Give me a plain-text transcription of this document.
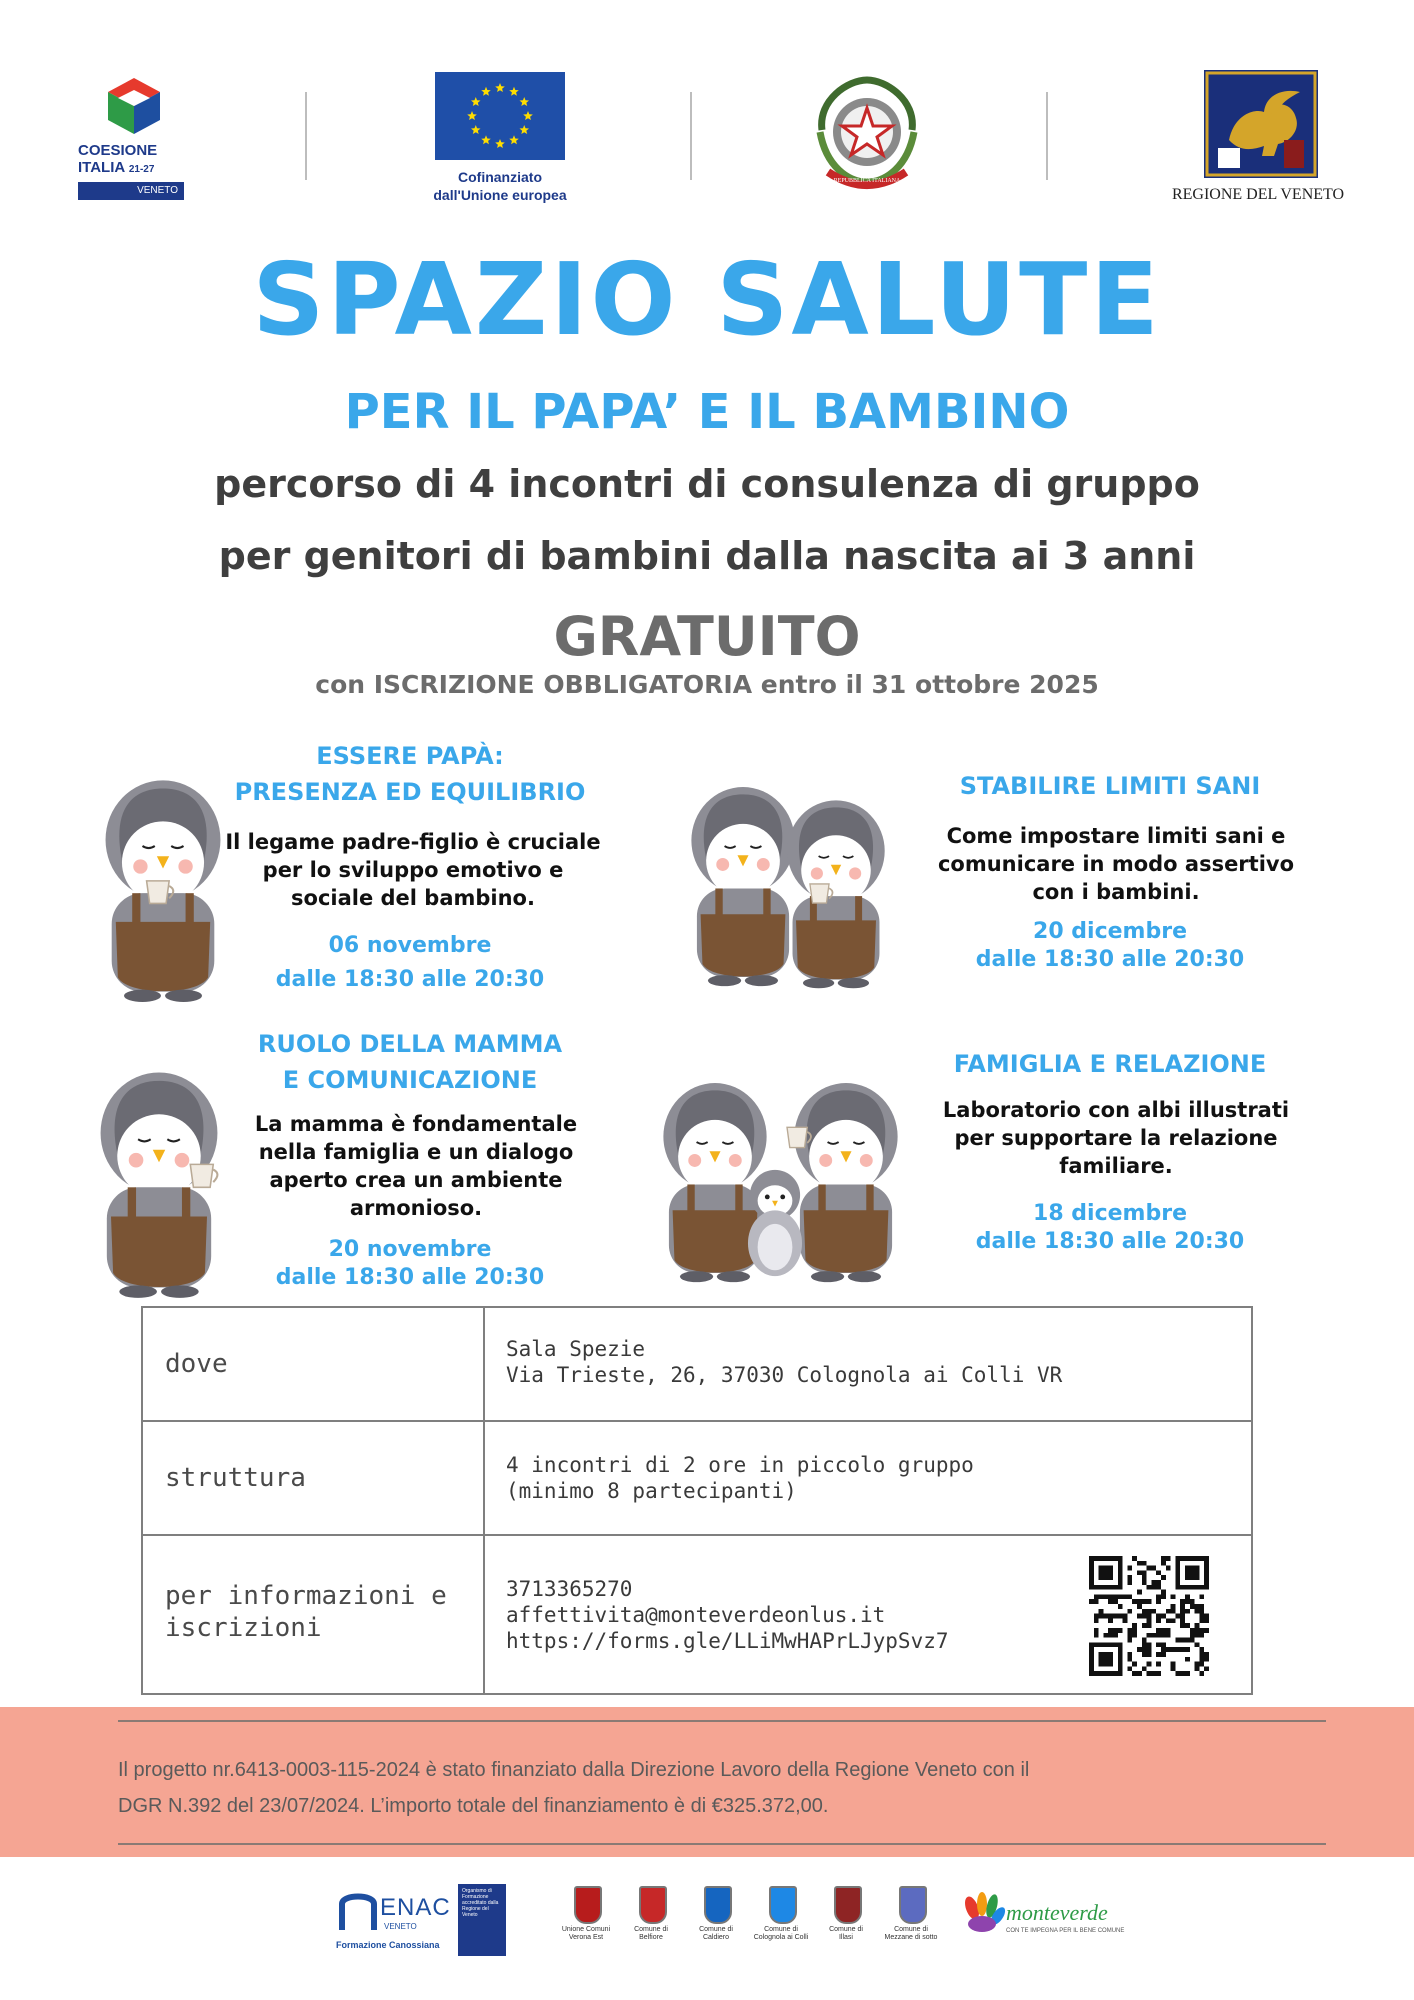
COESIONE
ITALIA 21-27
VENETO
Cofinanziato
dall'Unione europea
REPUBBLICA ITALIANA
REGIONE DEL VENETO
SPAZIO SALUTE
PER IL PAPA’ E IL BAMBINO
percorso di 4 incontri di consulenza di gruppo
per genitori di bambini dalla nascita ai 3 anni
GRATUITO
con ISCRIZIONE OBBLIGATORIA entro il 31 ottobre 2025
ESSERE PAPÀ:
PRESENZA ED EQUILIBRIO
Il legame padre-figlio è cruciale
per lo sviluppo emotivo e
sociale del bambino.
06 novembre
dalle 18:30 alle 20:30
STABILIRE LIMITI SANI
Come impostare limiti sani e
comunicare in modo assertivo
con i bambini.
20 dicembre
dalle 18:30 alle 20:30
RUOLO DELLA MAMMA
E COMUNICAZIONE
La mamma è fondamentale
nella famiglia e un dialogo
aperto crea un ambiente
armonioso.
20 novembre
dalle 18:30 alle 20:30
FAMIGLIA E RELAZIONE
Laboratorio con albi illustrati
per supportare la relazione
familiare.
18 dicembre
dalle 18:30 alle 20:30
dove	Sala Spezie
Via Trieste, 26, 37030 Colognola ai Colli VR
struttura	4 incontri di 2 ore in piccolo gruppo
(minimo 8 partecipanti)
per informazioni e
iscrizioni
3713365270
affettivita@monteverdeonlus.it
https://forms.gle/LLiMwHAPrLJypSvz7
Il progetto nr.6413-0003-115-2024 è stato finanziato dalla Direzione Lavoro della Regione Veneto con il
DGR N.392 del 23/07/2024. L’importo totale del finanziamento è di €325.372,00.
ENAC
VENETO
Formazione Canossiana
Organismo di Formazione accreditato dalla Regione del Veneto
Unione Comuni
Verona Est
Comune di
Belfiore
Comune di
Caldiero
Comune di
Colognola ai Colli
Comune di
Illasi
Comune di
Mezzane di sotto
monteverde
CON TE IMPEGNA PER IL BENE COMUNE
